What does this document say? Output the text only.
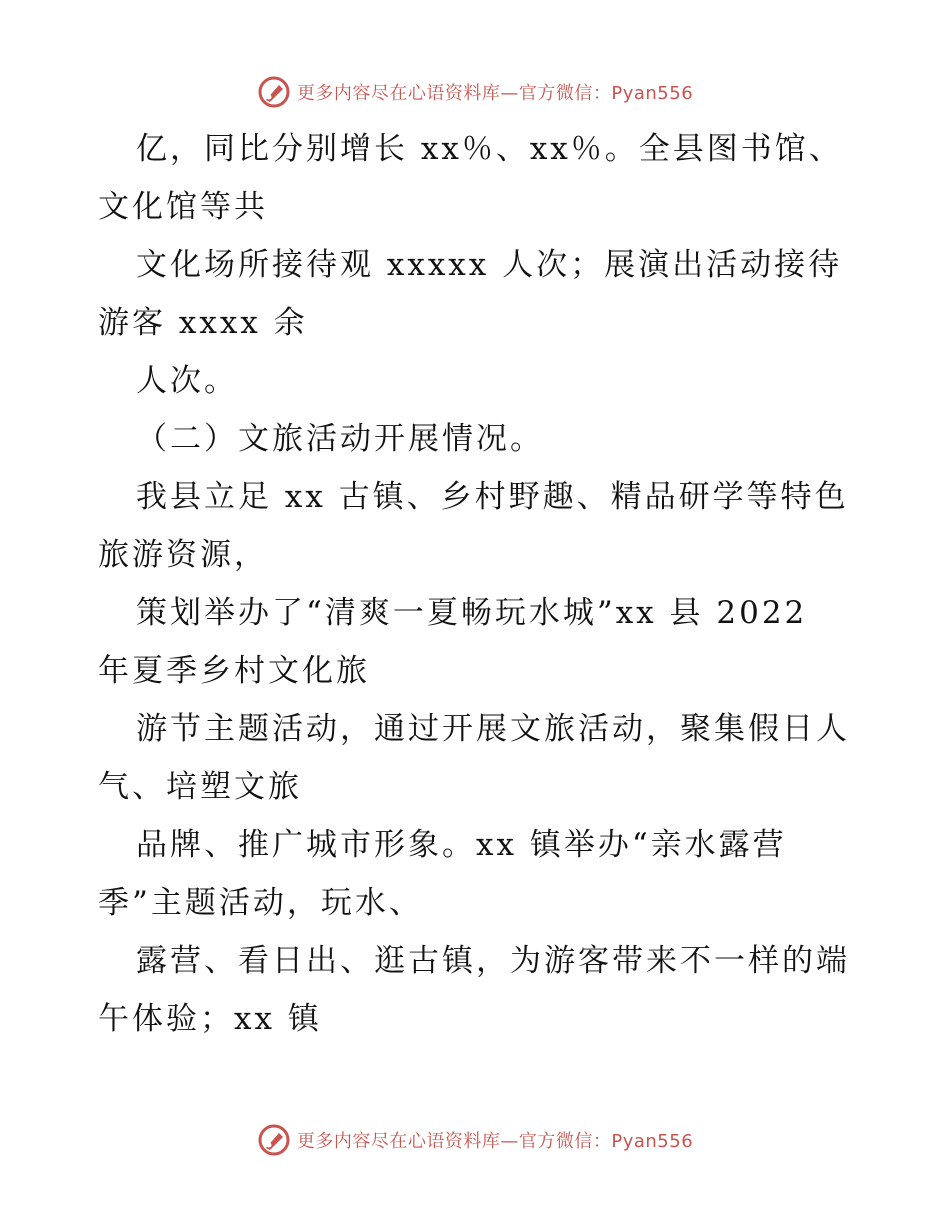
更多内容尽在心语资料库—官方微信：Pyan556
亿，同比分别增长 xx％、xx％。全县图书馆、
文化馆等共
文化场所接待观 xxxxx 人次；展演出活动接待
游客 xxxx 余
人次。
（二）文旅活动开展情况。
我县立足 xx 古镇、乡村野趣、精品研学等特色
旅游资源，
策划举办了“清爽一夏畅玩水城”xx 县 2022
年夏季乡村文化旅
游节主题活动，通过开展文旅活动，聚集假日人
气、培塑文旅
品牌、推广城市形象。xx 镇举办“亲水露营
季”主题活动，玩水、
露营、看日出、逛古镇，为游客带来不一样的端
午体验；xx 镇
更多内容尽在心语资料库—官方微信：Pyan556
